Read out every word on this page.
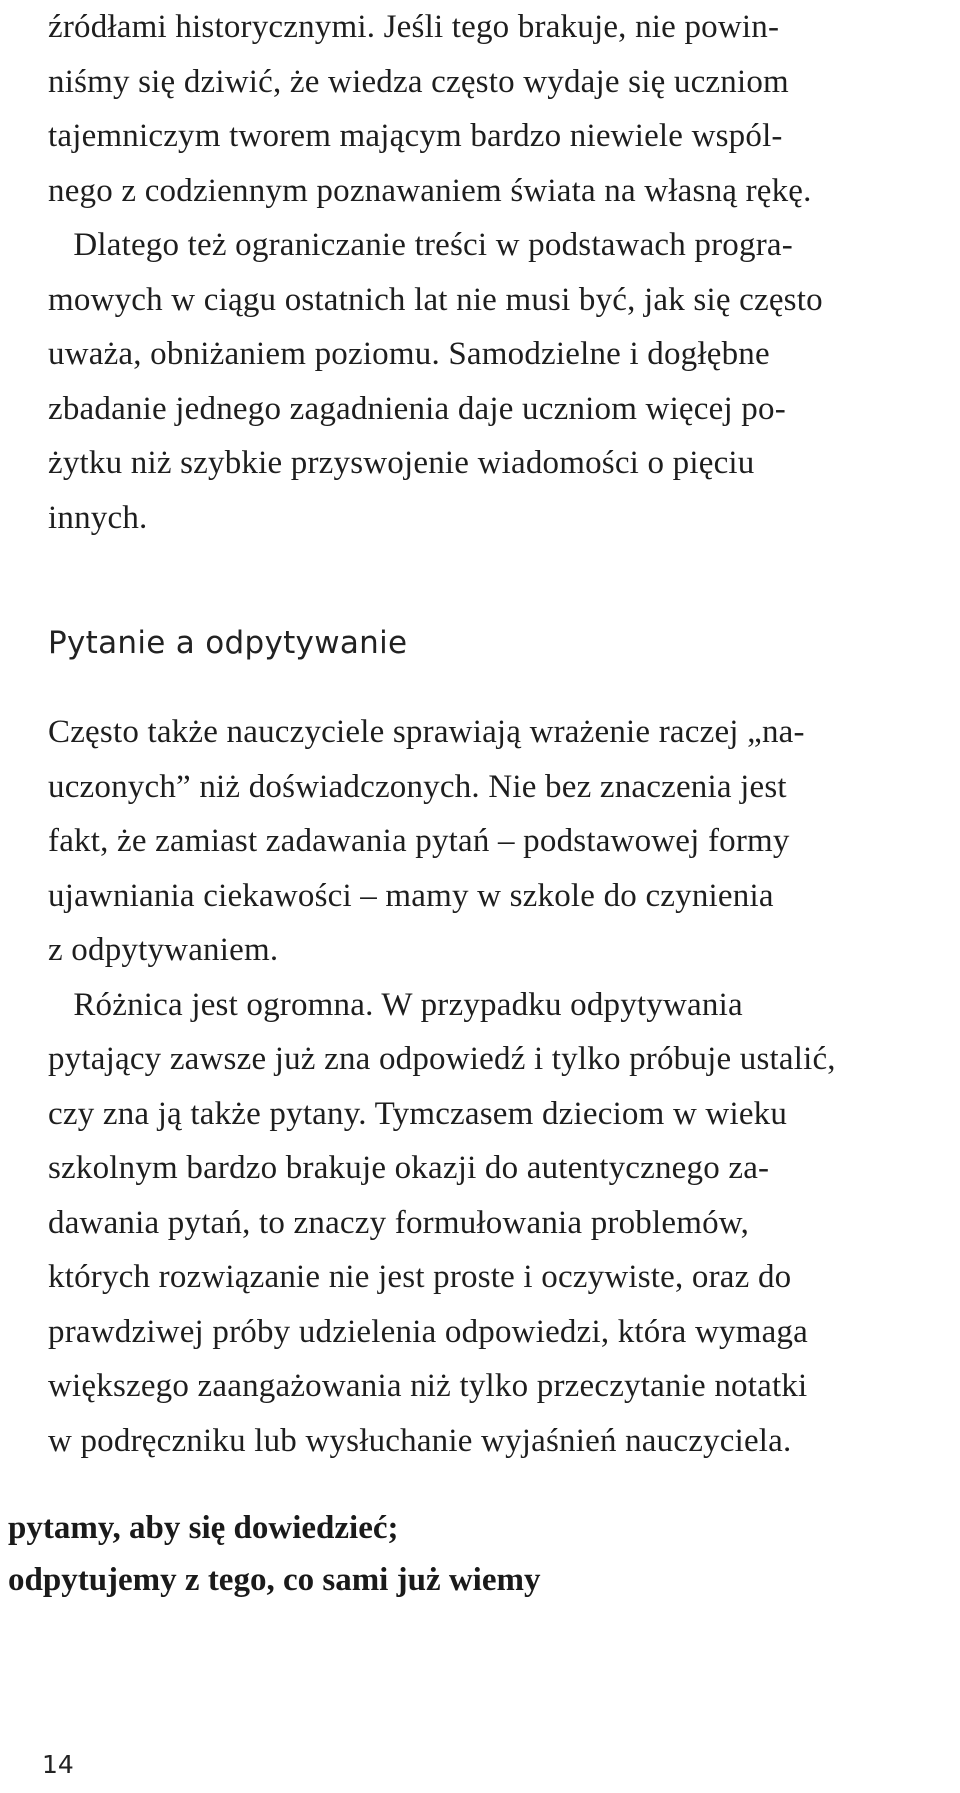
źródłami historycznymi. Jeśli tego brakuje, nie powin-
niśmy się dziwić, że wiedza często wydaje się uczniom
tajemniczym tworem mającym bardzo niewiele wspól-
nego z codziennym poznawaniem świata na własną rękę.
Dlatego też ograniczanie treści w podstawach progra-
mowych w ciągu ostatnich lat nie musi być, jak się często
uważa, obniżaniem poziomu. Samodzielne i dogłębne
zbadanie jednego zagadnienia daje uczniom więcej po-
żytku niż szybkie przyswojenie wiadomości o pięciu
innych.
Pytanie a odpytywanie
Często także nauczyciele sprawiają wrażenie raczej „na-
uczonych” niż doświadczonych. Nie bez znaczenia jest
fakt, że zamiast zadawania pytań – podstawowej formy
ujawniania ciekawości – mamy w szkole do czynienia
z odpytywaniem.
Różnica jest ogromna. W przypadku odpytywania
pytający zawsze już zna odpowiedź i tylko próbuje ustalić,
czy zna ją także pytany. Tymczasem dzieciom w wieku
szkolnym bardzo brakuje okazji do autentycznego za-
dawania pytań, to znaczy formułowania problemów,
których rozwiązanie nie jest proste i oczywiste, oraz do
prawdziwej próby udzielenia odpowiedzi, która wymaga
większego zaangażowania niż tylko przeczytanie notatki
w podręczniku lub wysłuchanie wyjaśnień nauczyciela.
pytamy, aby się dowiedzieć;
odpytujemy z tego, co sami już wiemy
14
